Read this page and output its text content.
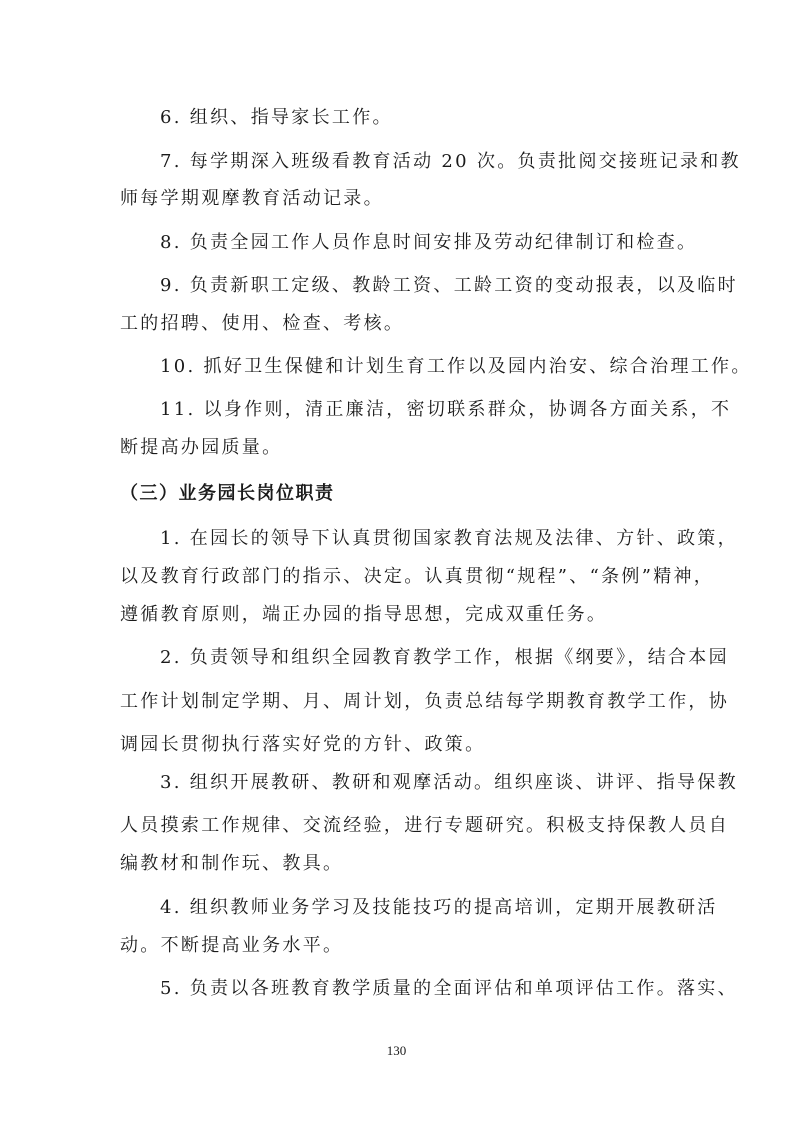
6. 组织、指导家长工作。
7. 每学期深入班级看教育活动 20 次。负责批阅交接班记录和教
师每学期观摩教育活动记录。
8. 负责全园工作人员作息时间安排及劳动纪律制订和检查。
9. 负责新职工定级、教龄工资、工龄工资的变动报表，以及临时
工的招聘、使用、检查、考核。
10. 抓好卫生保健和计划生育工作以及园内治安、综合治理工作。
11. 以身作则，清正廉洁，密切联系群众，协调各方面关系，不
断提高办园质量。
（三）业务园长岗位职责
1. 在园长的领导下认真贯彻国家教育法规及法律、方针、政策，
以及教育行政部门的指示、决定。认真贯彻“规程”、“条例”精神，
遵循教育原则，端正办园的指导思想，完成双重任务。
2. 负责领导和组织全园教育教学工作，根据《纲要》，结合本园
工作计划制定学期、月、周计划，负责总结每学期教育教学工作，协
调园长贯彻执行落实好党的方针、政策。
3. 组织开展教研、教研和观摩活动。组织座谈、讲评、指导保教
人员摸索工作规律、交流经验，进行专题研究。积极支持保教人员自
编教材和制作玩、教具。
4. 组织教师业务学习及技能技巧的提高培训，定期开展教研活
动。不断提高业务水平。
5. 负责以各班教育教学质量的全面评估和单项评估工作。落实、
130
